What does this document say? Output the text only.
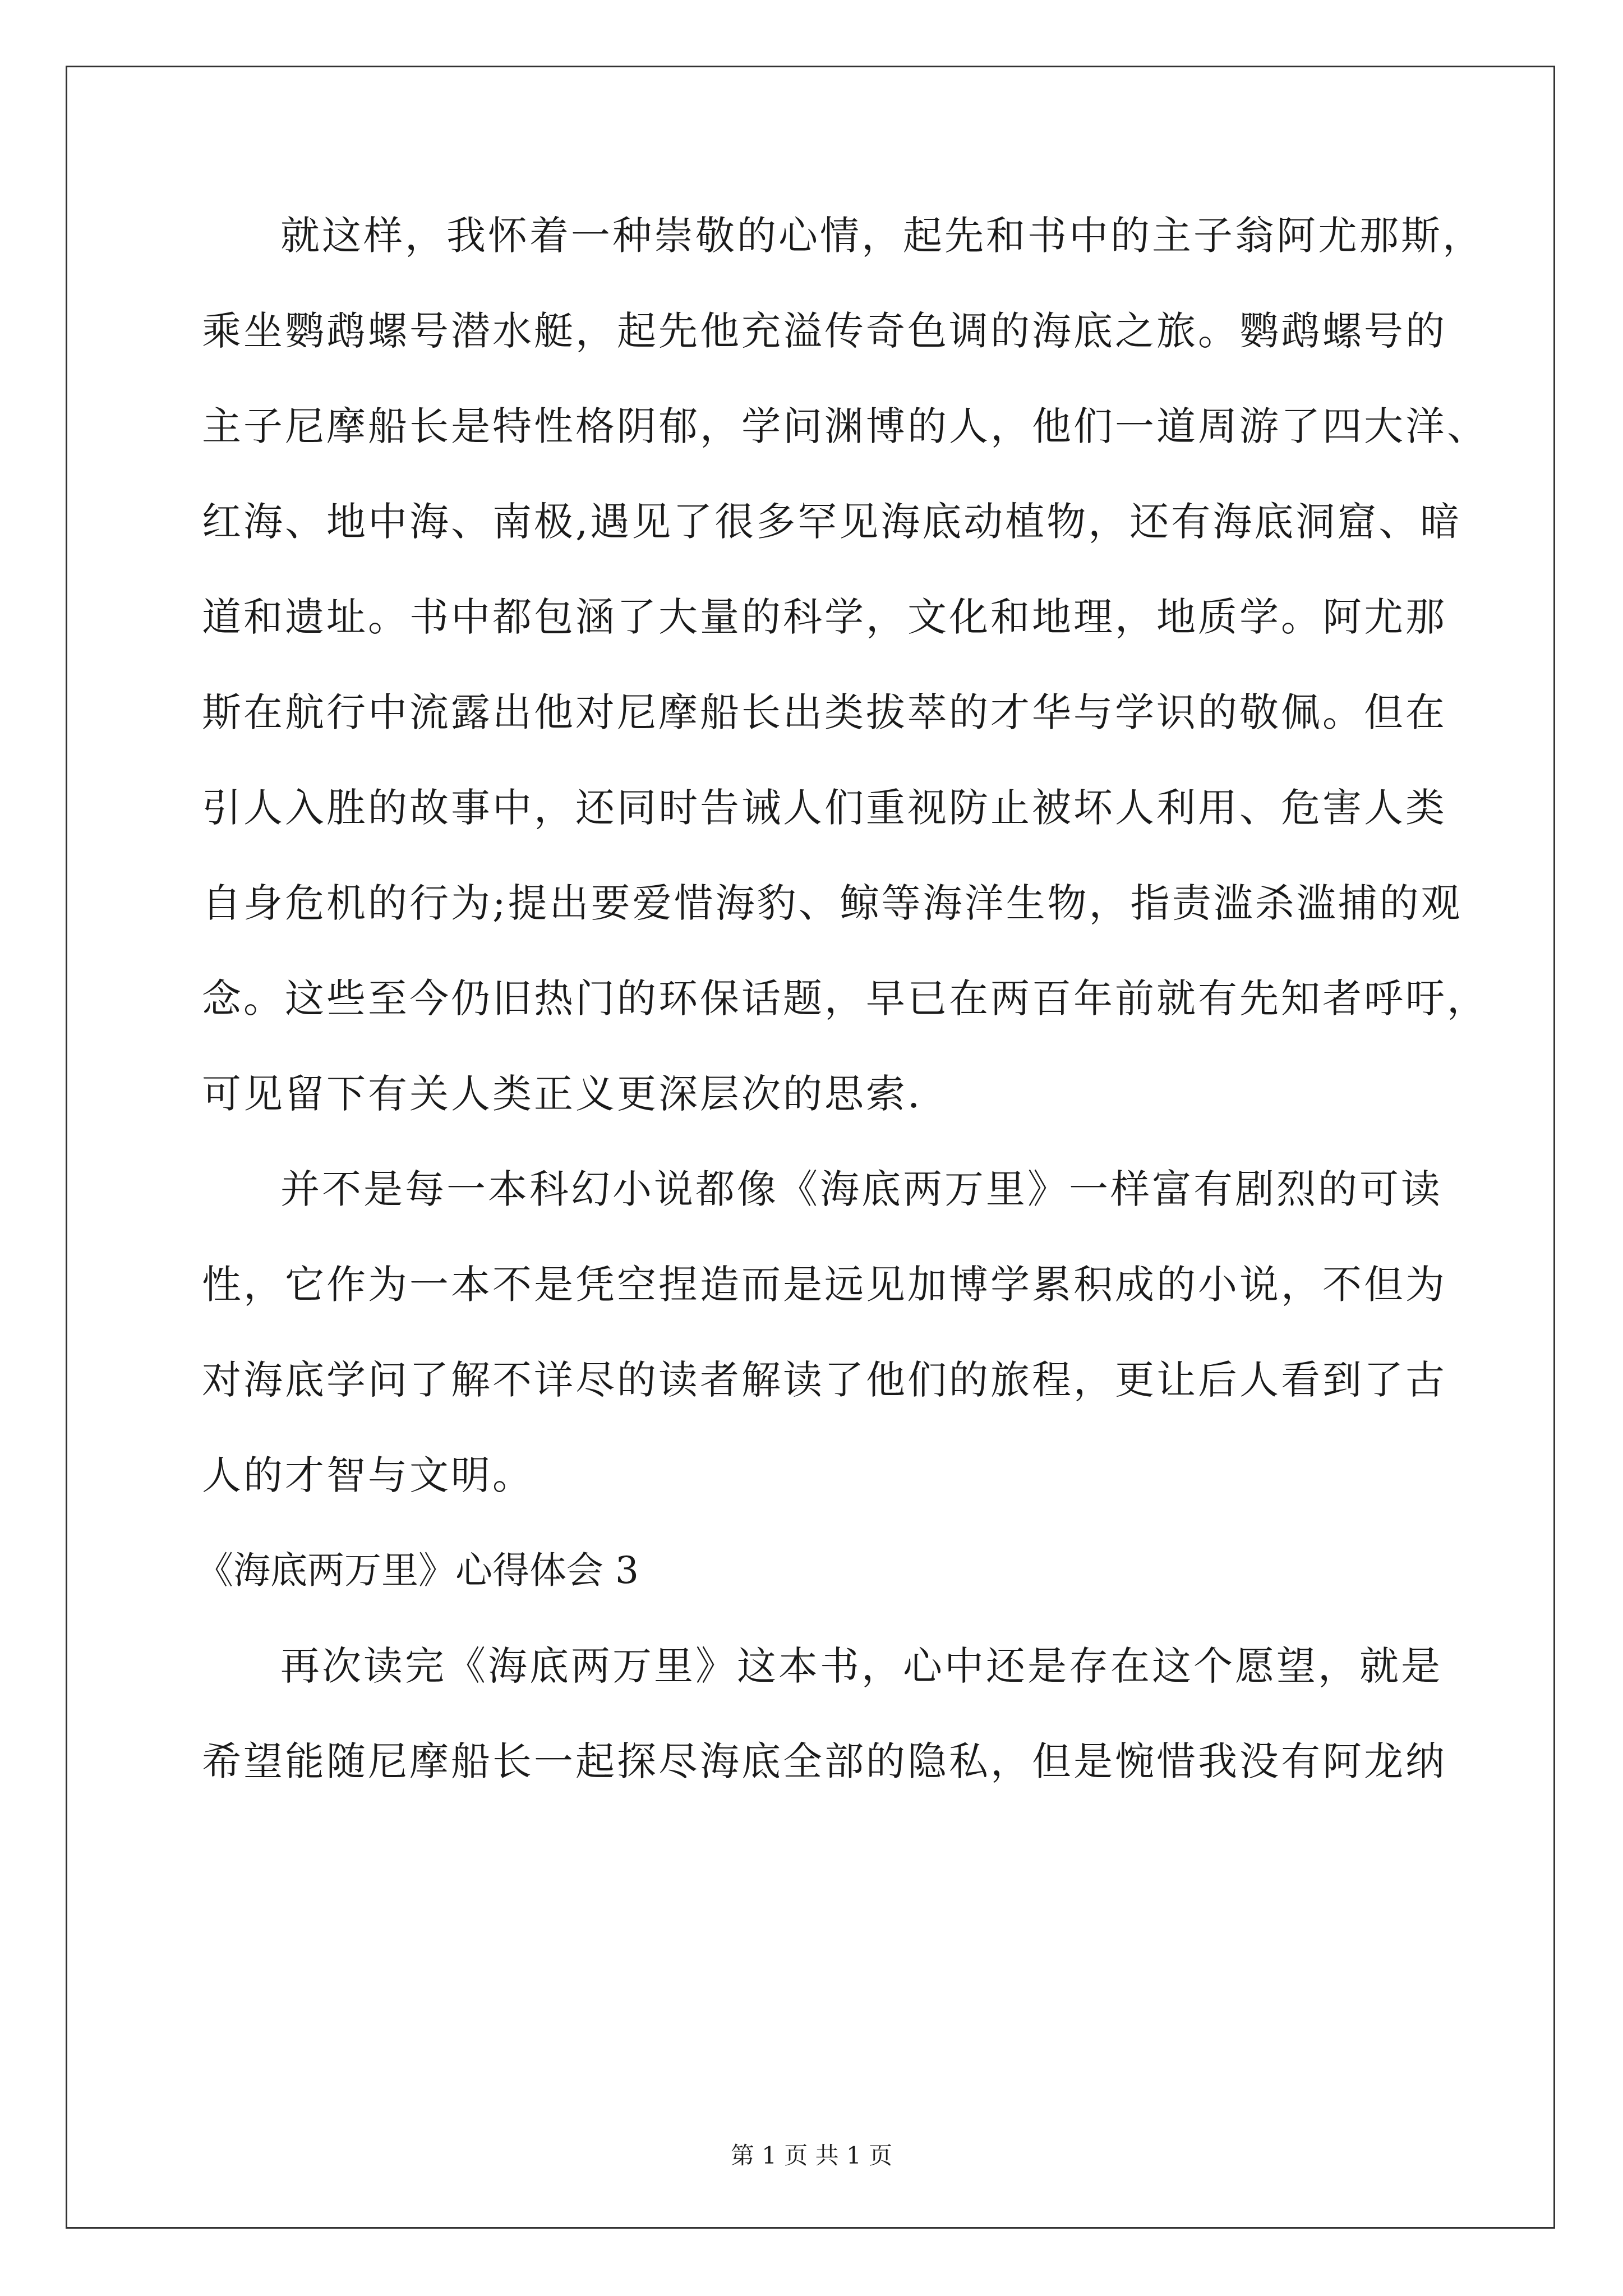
就这样，我怀着一种崇敬的心情，起先和书中的主子翁阿尤那斯，
乘坐鹦鹉螺号潜水艇，起先他充溢传奇色调的海底之旅。鹦鹉螺号的
主子尼摩船长是特性格阴郁，学问渊博的人，他们一道周游了四大洋、
红海、地中海、南极,遇见了很多罕见海底动植物，还有海底洞窟、暗
道和遗址。书中都包涵了大量的科学，文化和地理，地质学。阿尤那
斯在航行中流露出他对尼摩船长出类拔萃的才华与学识的敬佩。但在
引人入胜的故事中，还同时告诫人们重视防止被坏人利用、危害人类
自身危机的行为;提出要爱惜海豹、鲸等海洋生物，指责滥杀滥捕的观
念。这些至今仍旧热门的环保话题，早已在两百年前就有先知者呼吁，
可见留下有关人类正义更深层次的思索.
并不是每一本科幻小说都像《海底两万里》一样富有剧烈的可读
性，它作为一本不是凭空捏造而是远见加博学累积成的小说，不但为
对海底学问了解不详尽的读者解读了他们的旅程，更让后人看到了古
人的才智与文明。
《海底两万里》心得体会 3
再次读完《海底两万里》这本书，心中还是存在这个愿望，就是
希望能随尼摩船长一起探尽海底全部的隐私，但是惋惜我没有阿龙纳
第 1 页 共 1 页
